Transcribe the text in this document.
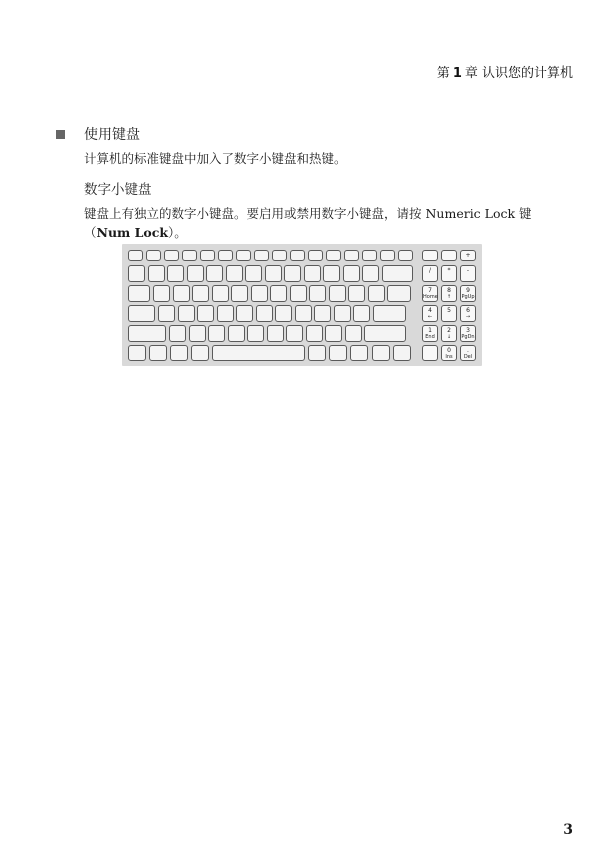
第 1 章 认识您的计算机
使用键盘
计算机的标准键盘中加入了数字小键盘和热键。
数字小键盘
键盘上有独立的数字小键盘。要启用或禁用数字小键盘，请按 Numeric Lock 键 （Num Lock）。
+
/	*	-
7
Home
8
↑
9
PgUp
4
←
5	6
→
1
End
2
↓
3
PgDn
0
Ins
.
Del
3
